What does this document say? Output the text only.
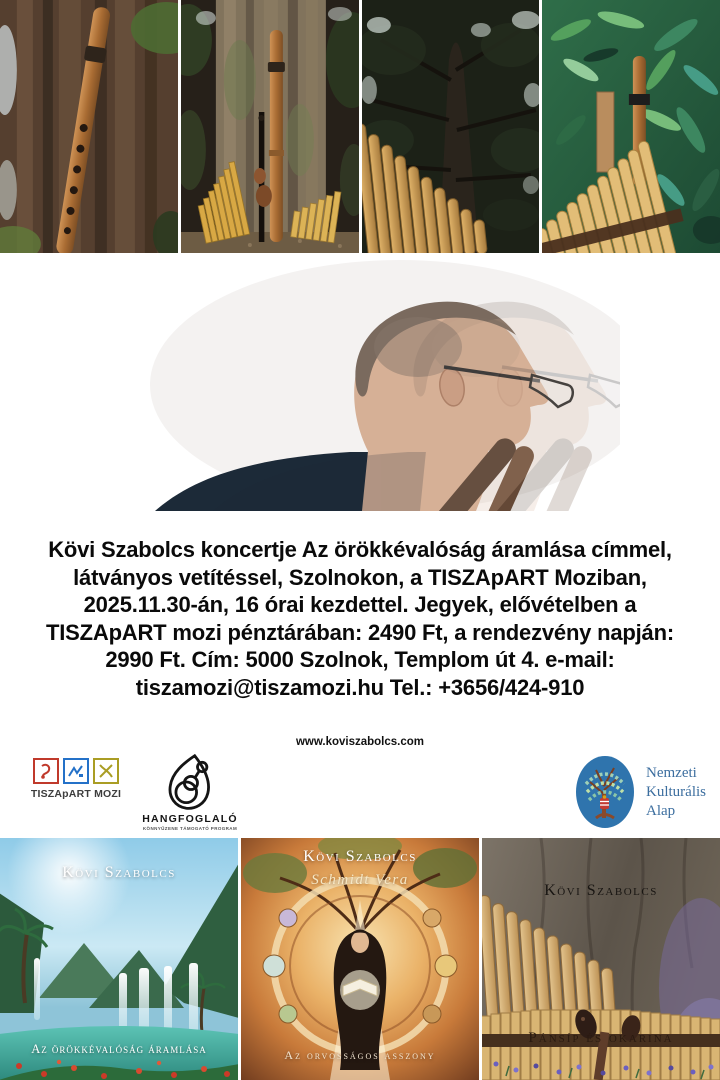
Kövi Szabolcs koncertje Az örökkévalóság áramlása címmel,
látványos vetítéssel, Szolnokon, a TISZApART Moziban,
2025.11.30-án, 16 órai kezdettel. Jegyek, elővételben a
TISZApART mozi pénztárában: 2490 Ft, a rendezvény napján:
2990 Ft. Cím: 5000 Szolnok, Templom út 4. e-mail:
tiszamozi@tiszamozi.hu Tel.: +3656/424-910
www.koviszabolcs.com
TISZApART MOZI
HANGFOGLALÓ
KÖNNYŰZENE TÁMOGATÓ PROGRAM
Nemzeti
Kulturális
Alap
Kövi Szabolcs
Az örökkévalóság áramlása
Kövi Szabolcs
Schmidt Vera
Az orvosságos asszony
Kövi Szabolcs
Pánsíp és okarina
